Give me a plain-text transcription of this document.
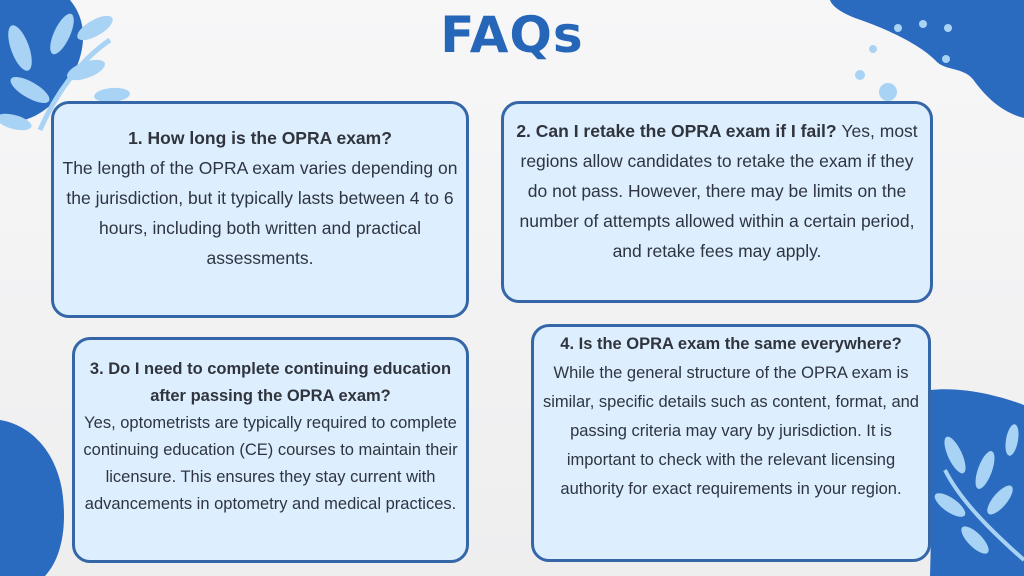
FAQs
1. How long is the OPRA exam?
The length of the OPRA exam varies depending on the jurisdiction, but it typically lasts between 4 to 6 hours, including both written and practical assessments.
2. Can I retake the OPRA exam if I fail? Yes, most regions allow candidates to retake the exam if they do not pass. However, there may be limits on the number of attempts allowed within a certain period, and retake fees may apply.
3. Do I need to complete continuing education after passing the OPRA exam?
Yes, optometrists are typically required to complete continuing education (CE) courses to maintain their licensure. This ensures they stay current with advancements in optometry and medical practices.
4. Is the OPRA exam the same everywhere?
While the general structure of the OPRA exam is similar, specific details such as content, format, and passing criteria may vary by jurisdiction. It is important to check with the relevant licensing authority for exact requirements in your region.
